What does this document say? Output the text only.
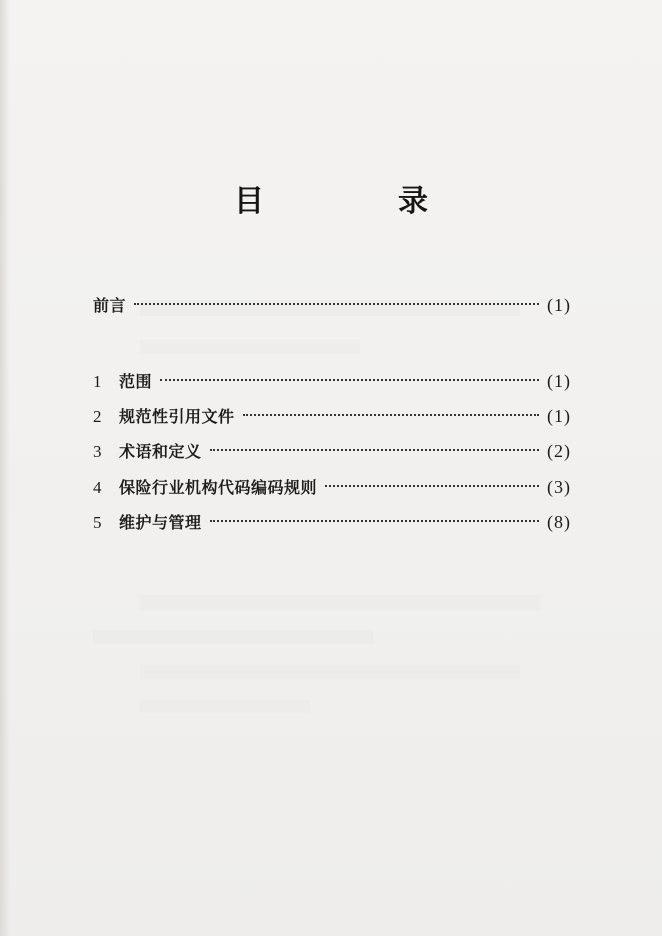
目　录
前言	(1)
1	范围	(1)
2	规范性引用文件	(1)
3	术语和定义	(2)
4	保险行业机构代码编码规则	(3)
5	维护与管理	(8)
